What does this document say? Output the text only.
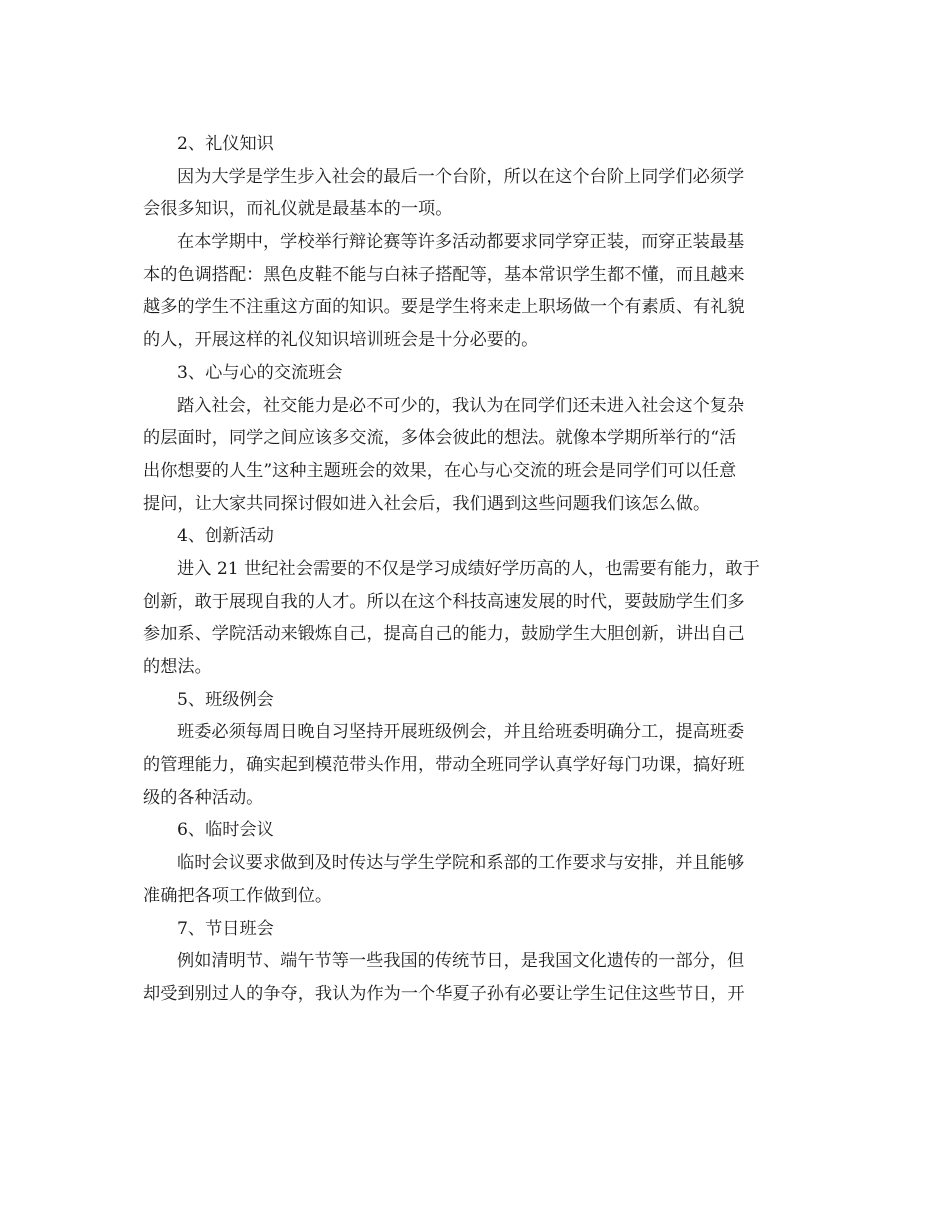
2、礼仪知识
因为大学是学生步入社会的最后一个台阶，所以在这个台阶上同学们必须学
会很多知识，而礼仪就是最基本的一项。
在本学期中，学校举行辩论赛等许多活动都要求同学穿正装，而穿正装最基
本的色调搭配：黑色皮鞋不能与白袜子搭配等，基本常识学生都不懂，而且越来
越多的学生不注重这方面的知识。要是学生将来走上职场做一个有素质、有礼貌
的人，开展这样的礼仪知识培训班会是十分必要的。
3、心与心的交流班会
踏入社会，社交能力是必不可少的，我认为在同学们还未进入社会这个复杂
的层面时，同学之间应该多交流，多体会彼此的想法。就像本学期所举行的“活
出你想要的人生”这种主题班会的效果，在心与心交流的班会是同学们可以任意
提问，让大家共同探讨假如进入社会后，我们遇到这些问题我们该怎么做。
4、创新活动
进入 21 世纪社会需要的不仅是学习成绩好学历高的人，也需要有能力，敢于
创新，敢于展现自我的人才。所以在这个科技高速发展的时代，要鼓励学生们多
参加系、学院活动来锻炼自己，提高自己的能力，鼓励学生大胆创新，讲出自己
的想法。
5、班级例会
班委必须每周日晚自习坚持开展班级例会，并且给班委明确分工，提高班委
的管理能力，确实起到模范带头作用，带动全班同学认真学好每门功课，搞好班
级的各种活动。
6、临时会议
临时会议要求做到及时传达与学生学院和系部的工作要求与安排，并且能够
准确把各项工作做到位。
7、节日班会
例如清明节、端午节等一些我国的传统节日，是我国文化遗传的一部分，但
却受到别过人的争夺，我认为作为一个华夏子孙有必要让学生记住这些节日，开
